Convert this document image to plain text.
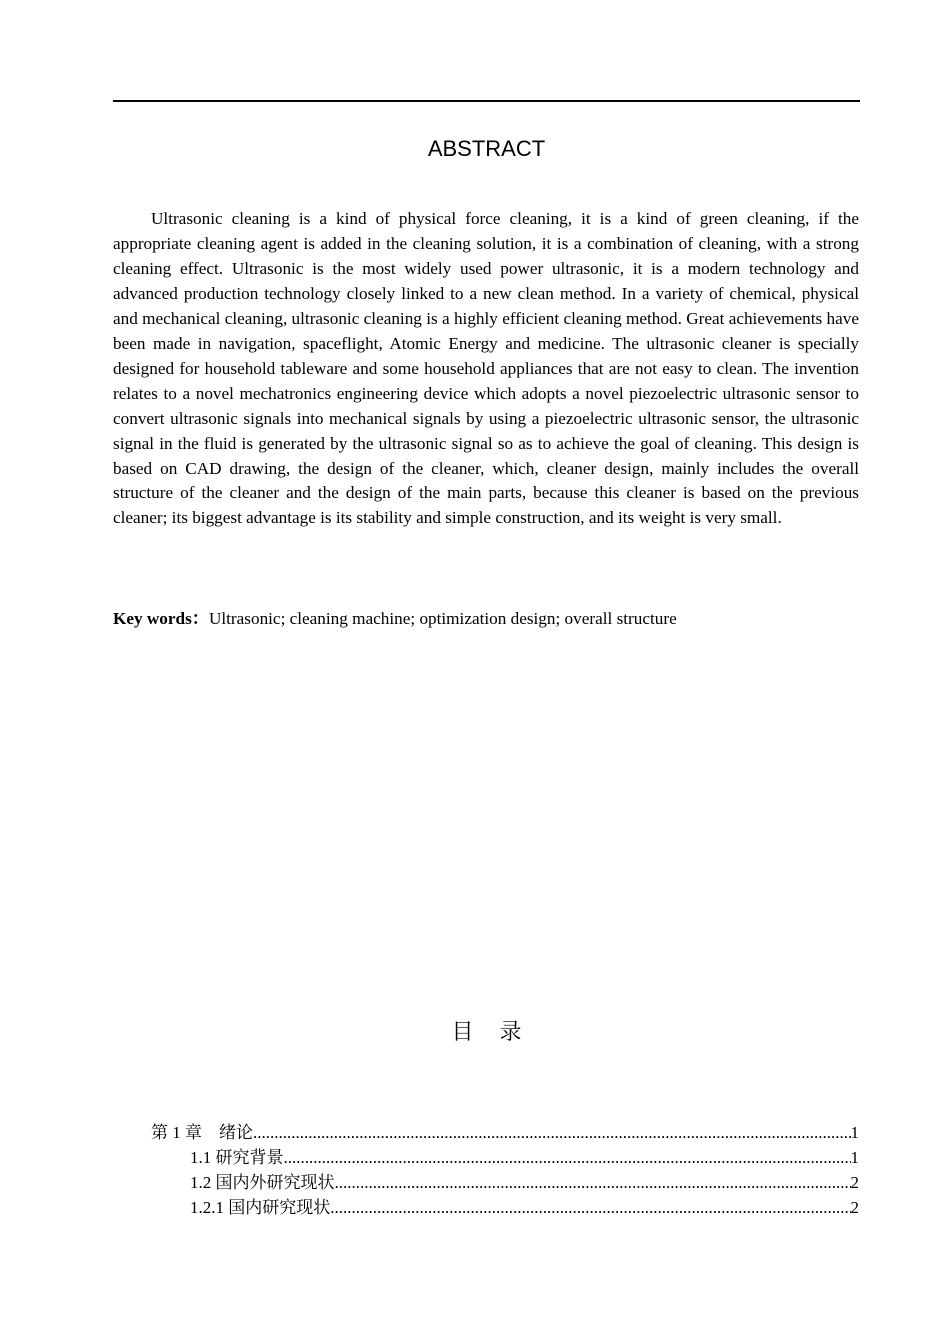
ABSTRACT

Ultrasonic cleaning is a kind of physical force cleaning, it is a kind of green cleaning, if the appropriate cleaning agent is added in the cleaning solution, it is a combination of cleaning, with a strong cleaning effect. Ultrasonic is the most widely used power ultrasonic, it is a modern technology and advanced production technology closely linked to a new clean method. In a variety of chemical, physical and mechanical cleaning, ultrasonic cleaning is a highly efficient cleaning method. Great achievements have been made in navigation, spaceflight, Atomic Energy and medicine. The ultrasonic cleaner is specially designed for household tableware and some household appliances that are not easy to clean. The invention relates to a novel mechatronics engineering device which adopts a novel piezoelectric ultrasonic sensor to convert ultrasonic signals into mechanical signals by using a piezoelectric ultrasonic sensor, the ultrasonic signal in the fluid is generated by the ultrasonic signal so as to achieve the goal of cleaning. This design is based on CAD drawing, the design of the cleaner, which, cleaner design, mainly includes the overall structure of the cleaner and the design of the main parts, because this cleaner is based on the previous cleaner; its biggest advantage is its stability and simple construction, and its weight is very small.

Key words：Ultrasonic; cleaning machine; optimization design; overall structure
目 录
第 1 章　绪论 .....	1
1.1 研究背景 .....	1
1.2 国内外研究现状 .....	2
1.2.1 国内研究现状 .....	2
